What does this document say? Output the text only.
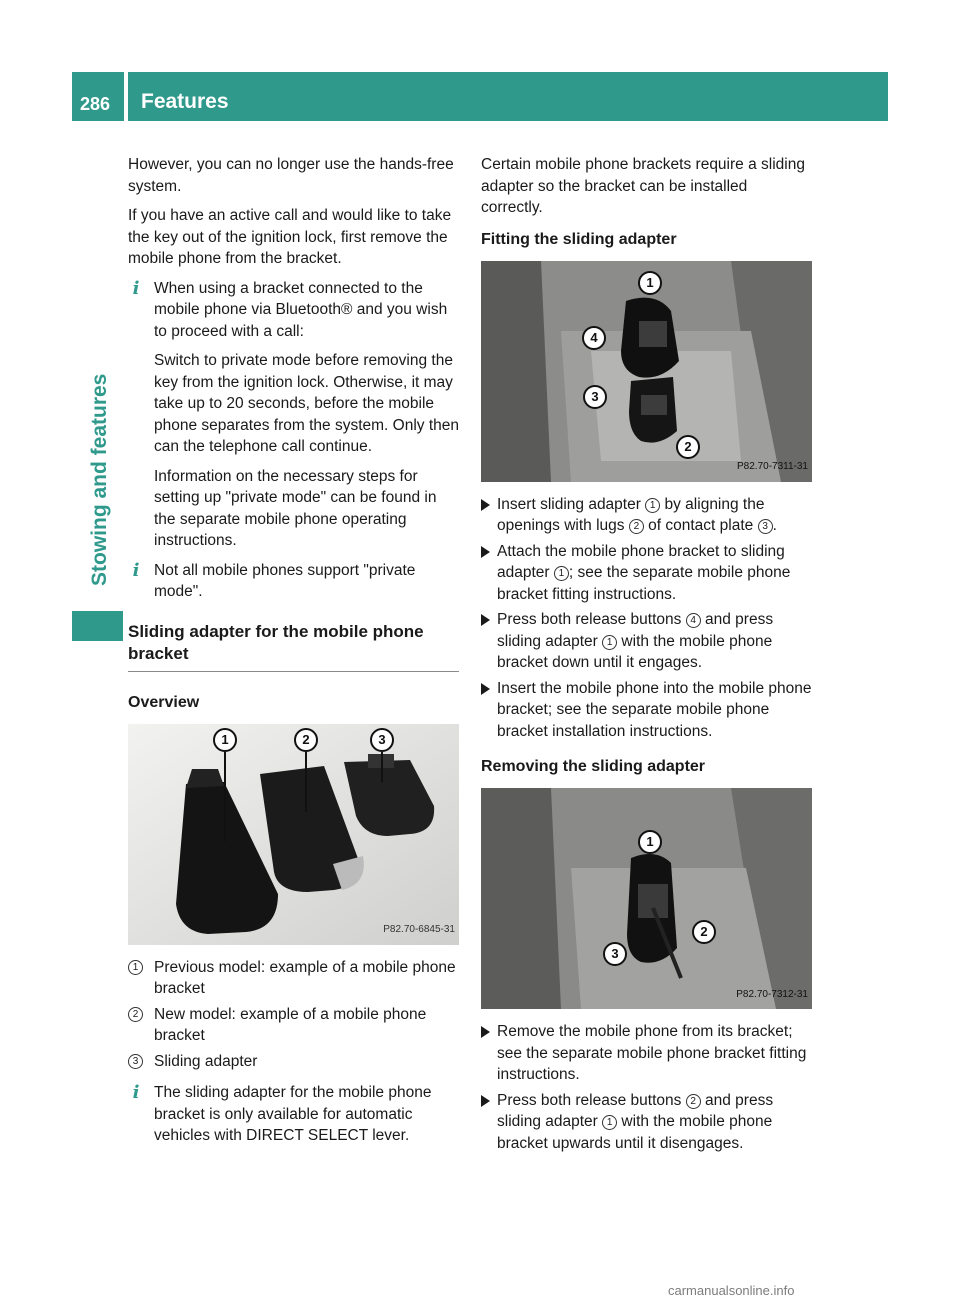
286 Features
Stowing and features

However, you can no longer use the hands-free system.

If you have an active call and would like to take the key out of the ignition lock, first remove the mobile phone from the bracket.

i When using a bracket connected to the mobile phone via Bluetooth® and you wish to proceed with a call:

Switch to private mode before removing the key from the ignition lock. Otherwise, it may take up to 20 seconds, before the mobile phone separates from the system. Only then can the telephone call continue.

Information on the necessary steps for setting up "private mode" can be found in the separate mobile phone operating instructions.

i Not all mobile phones support "private mode".

Sliding adapter for the mobile phone bracket
Overview
1	2	3
P82.70-6845-31
1	Previous model: example of a mobile phone bracket
2	New model: example of a mobile phone bracket
3	Sliding adapter
i The sliding adapter for the mobile phone bracket is only available for automatic vehicles with DIRECT SELECT lever.

Certain mobile phone brackets require a sliding adapter so the bracket can be installed correctly.

Fitting the sliding adapter
1
4
3
2
P82.70-7311-31
Insert sliding adapter 1 by aligning the openings with lugs 2 of contact plate 3 .
Attach the mobile phone bracket to sliding adapter 1 ; see the separate mobile phone bracket fitting instructions.
Press both release buttons 4 and press sliding adapter 1 with the mobile phone bracket down until it engages.
Insert the mobile phone into the mobile phone bracket; see the separate mobile phone bracket installation instructions.
Removing the sliding adapter
1
2
3
P82.70-7312-31
Remove the mobile phone from its bracket; see the separate mobile phone bracket fitting instructions.
Press both release buttons 2 and press sliding adapter 1 with the mobile phone bracket upwards until it disengages.
carmanualsonline.info
